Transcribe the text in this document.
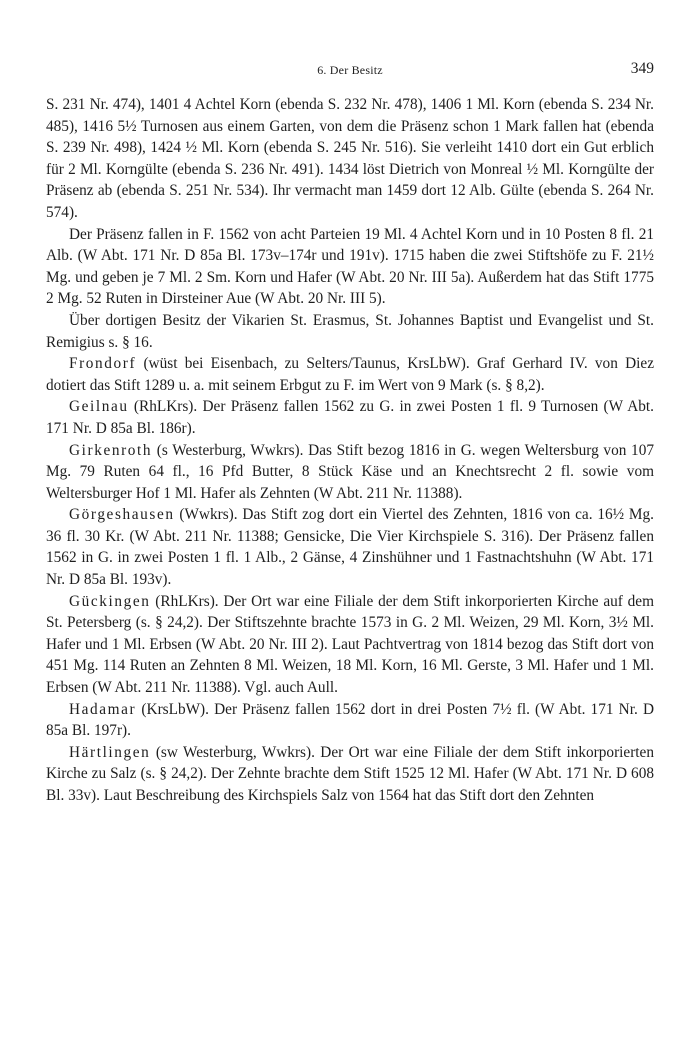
6. Der Besitz	349

S. 231 Nr. 474), 1401 4 Achtel Korn (ebenda S. 232 Nr. 478), 1406 1 Ml. Korn (ebenda S. 234 Nr. 485), 1416 5½ Turnosen aus einem Garten, von dem die Präsenz schon 1 Mark fallen hat (ebenda S. 239 Nr. 498), 1424 ½ Ml. Korn (ebenda S. 245 Nr. 516). Sie verleiht 1410 dort ein Gut erblich für 2 Ml. Korngülte (ebenda S. 236 Nr. 491). 1434 löst Dietrich von Monreal ½ Ml. Korngülte der Präsenz ab (ebenda S. 251 Nr. 534). Ihr vermacht man 1459 dort 12 Alb. Gülte (ebenda S. 264 Nr. 574).

Der Präsenz fallen in F. 1562 von acht Parteien 19 Ml. 4 Achtel Korn und in 10 Posten 8 fl. 21 Alb. (W Abt. 171 Nr. D 85a Bl. 173v–174r und 191v). 1715 haben die zwei Stiftshöfe zu F. 21½ Mg. und geben je 7 Ml. 2 Sm. Korn und Hafer (W Abt. 20 Nr. III 5a). Außerdem hat das Stift 1775 2 Mg. 52 Ruten in Dirsteiner Aue (W Abt. 20 Nr. III 5).

Über dortigen Besitz der Vikarien St. Erasmus, St. Johannes Baptist und Evangelist und St. Remigius s. § 16.

Frondorf (wüst bei Eisenbach, zu Selters/Taunus, KrsLbW). Graf Gerhard IV. von Diez dotiert das Stift 1289 u. a. mit seinem Erbgut zu F. im Wert von 9 Mark (s. § 8,2).

Geilnau (RhLKrs). Der Präsenz fallen 1562 zu G. in zwei Posten 1 fl. 9 Turnosen (W Abt. 171 Nr. D 85a Bl. 186r).

Girkenroth (s Westerburg, Wwkrs). Das Stift bezog 1816 in G. wegen Weltersburg von 107 Mg. 79 Ruten 64 fl., 16 Pfd Butter, 8 Stück Käse und an Knechtsrecht 2 fl. sowie vom Weltersburger Hof 1 Ml. Hafer als Zehnten (W Abt. 211 Nr. 11388).

Görgeshausen (Wwkrs). Das Stift zog dort ein Viertel des Zehnten, 1816 von ca. 16½ Mg. 36 fl. 30 Kr. (W Abt. 211 Nr. 11388; Gensicke, Die Vier Kirchspiele S. 316). Der Präsenz fallen 1562 in G. in zwei Posten 1 fl. 1 Alb., 2 Gänse, 4 Zinshühner und 1 Fastnachtshuhn (W Abt. 171 Nr. D 85a Bl. 193v).

Gückingen (RhLKrs). Der Ort war eine Filiale der dem Stift inkorporierten Kirche auf dem St. Petersberg (s. § 24,2). Der Stiftszehnte brachte 1573 in G. 2 Ml. Weizen, 29 Ml. Korn, 3½ Ml. Hafer und 1 Ml. Erbsen (W Abt. 20 Nr. III 2). Laut Pachtvertrag von 1814 bezog das Stift dort von 451 Mg. 114 Ruten an Zehnten 8 Ml. Weizen, 18 Ml. Korn, 16 Ml. Gerste, 3 Ml. Hafer und 1 Ml. Erbsen (W Abt. 211 Nr. 11388). Vgl. auch Aull.

Hadamar (KrsLbW). Der Präsenz fallen 1562 dort in drei Posten 7½ fl. (W Abt. 171 Nr. D 85a Bl. 197r).

Härtlingen (sw Westerburg, Wwkrs). Der Ort war eine Filiale der dem Stift inkorporierten Kirche zu Salz (s. § 24,2). Der Zehnte brachte dem Stift 1525 12 Ml. Hafer (W Abt. 171 Nr. D 608 Bl. 33v). Laut Beschreibung des Kirchspiels Salz von 1564 hat das Stift dort den Zehnten
